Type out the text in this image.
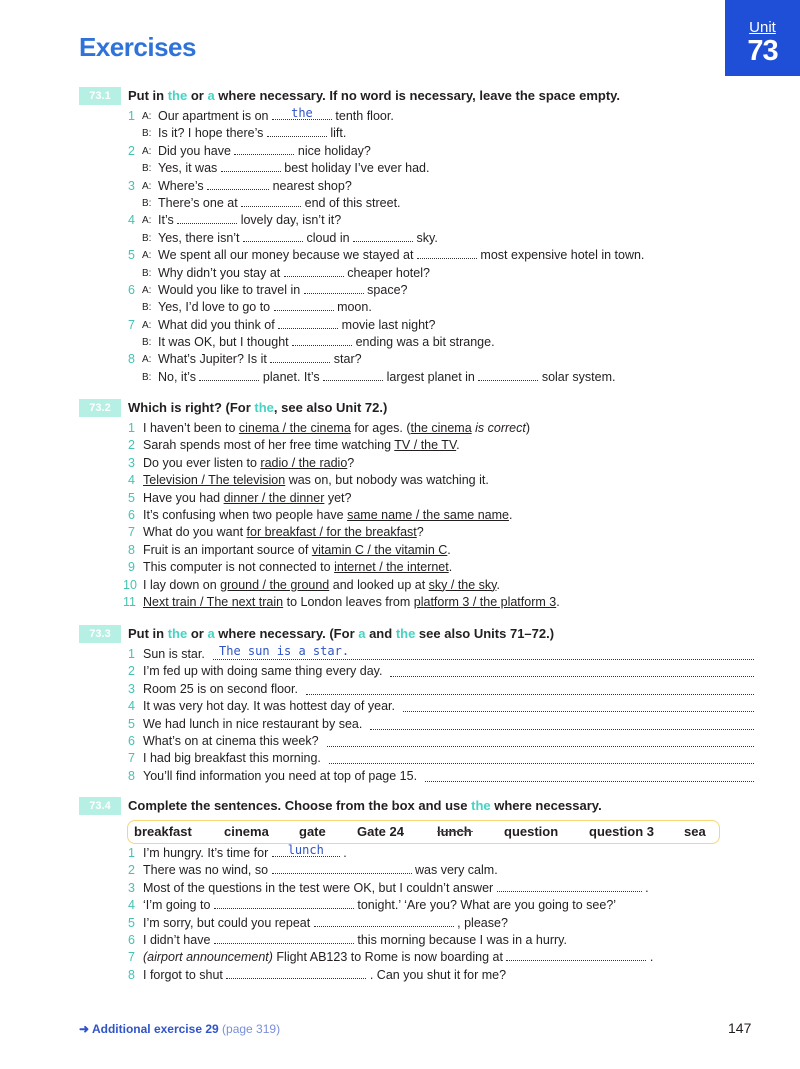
Exercises
Unit
73
73.1	Put in the or a where necessary. If no word is necessary, leave the space empty.
1 A: Our apartment is on	the	tenth floor.
B: Is it? I hope there’s	lift.
2 A: Did you have	nice holiday?
B: Yes, it was	best holiday I’ve ever had.
3 A: Where’s	nearest shop?
B: There’s one at	end of this street.
4 A: It’s	lovely day, isn’t it?
B: Yes, there isn’t	cloud in	sky.
5 A: We spent all our money because we stayed at	most expensive hotel in town.
B: Why didn’t you stay at	cheaper hotel?
6 A: Would you like to travel in	space?
B: Yes, I’d love to go to	moon.
7 A: What did you think of	movie last night?
B: It was OK, but I thought	ending was a bit strange.
8 A: What’s Jupiter? Is it	star?
B: No, it’s	planet. It’s	largest planet in	solar system.
73.2	Which is right? (For the, see also Unit 72.)
1 I haven’t been to cinema / the cinema for ages. (the cinema is correct)
2 Sarah spends most of her free time watching TV / the TV.
3 Do you ever listen to radio / the radio?
4 Television / The television was on, but nobody was watching it.
5 Have you had dinner / the dinner yet?
6 It’s confusing when two people have same name / the same name.
7 What do you want for breakfast / for the breakfast?
8 Fruit is an important source of vitamin C / the vitamin C.
9 This computer is not connected to internet / the internet.
10 I lay down on ground / the ground and looked up at sky / the sky.
11 Next train / The next train to London leaves from platform 3 / the platform 3.
73.3	Put in the or a where necessary. (For a and the see also Units 71–72.)
1 Sun is star. The sun is a star.
2 I’m fed up with doing same thing every day.
3 Room 25 is on second floor.
4 It was very hot day. It was hottest day of year.
5 We had lunch in nice restaurant by sea.
6 What’s on at cinema this week?
7 I had big breakfast this morning.
8 You’ll find information you need at top of page 15.
73.4	Complete the sentences. Choose from the box and use the where necessary.
breakfast cinema gate Gate 24	lunch question question 3 sea
1 I’m hungry. It’s time for	lunch	.
2 There was no wind, so	was very calm.
3 Most of the questions in the test were OK, but I couldn’t answer	.
4 ‘I’m going to	tonight.’ ‘Are you? What are you going to see?’
5 I’m sorry, but could you repeat	, please?
6 I didn’t have	this morning because I was in a hurry.
7 (airport announcement) Flight AB123 to Rome is now boarding at	.
8 I forgot to shut	. Can you shut it for me?
➜ Additional exercise 29 (page 319)	147
